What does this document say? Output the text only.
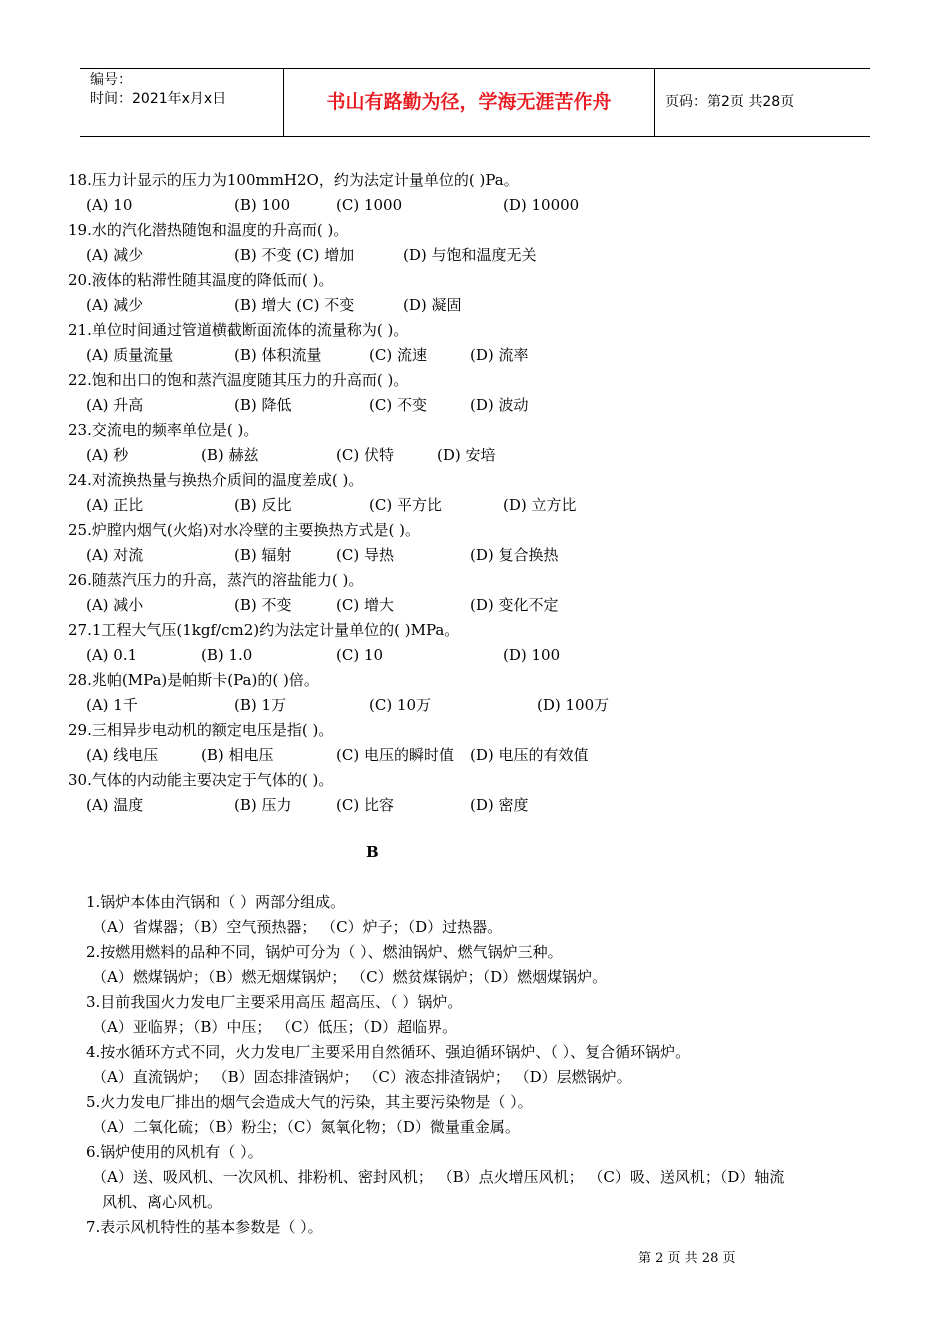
编号：
时间：2021年x月x日	书山有路勤为径，学海无涯苦作舟	页码：第2页 共28页
18.压力计显示的压力为100mmH2O，约为法定计量单位的( )Pa。
(A) 10	(B) 100	(C) 1000	(D) 10000
19.水的汽化潜热随饱和温度的升高而( )。
(A) 减少	(B) 不变 (C) 增加	(D) 与饱和温度无关
20.液体的粘滞性随其温度的降低而( )。
(A) 减少	(B) 增大 (C) 不变	(D) 凝固
21.单位时间通过管道横截断面流体的流量称为( )。
(A) 质量流量	(B) 体积流量	(C) 流速	(D) 流率
22.饱和出口的饱和蒸汽温度随其压力的升高而( )。
(A) 升高	(B) 降低	(C) 不变	(D) 波动
23.交流电的频率单位是( )。
(A) 秒	(B) 赫兹	(C) 伏特	(D) 安培
24.对流换热量与换热介质间的温度差成( )。
(A) 正比	(B) 反比	(C) 平方比	(D) 立方比
25.炉膛内烟气(火焰)对水冷壁的主要换热方式是( )。
(A) 对流	(B) 辐射	(C) 导热	(D) 复合换热
26.随蒸汽压力的升高，蒸汽的溶盐能力( )。
(A) 减小	(B) 不变	(C) 增大	(D) 变化不定
27.1工程大气压(1kgf/cm2)约为法定计量单位的( )MPa。
(A) 0.1	(B) 1.0	(C) 10	(D) 100
28.兆帕(MPa)是帕斯卡(Pa)的( )倍。
(A) 1千	(B) 1万	(C) 10万	(D) 100万
29.三相异步电动机的额定电压是指( )。
(A) 线电压	(B) 相电压	(C) 电压的瞬时值 (D) 电压的有效值
30.气体的内动能主要决定于气体的( )。
(A) 温度	(B) 压力	(C) 比容	(D) 密度
B
1.锅炉本体由汽锅和（ ）两部分组成。
（A）省煤器；（B）空气预热器； （C）炉子；（D）过热器。
2.按燃用燃料的品种不同，锅炉可分为（ ）、燃油锅炉、燃气锅炉三种。
（A）燃煤锅炉；（B）燃无烟煤锅炉； （C）燃贫煤锅炉；（D）燃烟煤锅炉。
3.目前我国火力发电厂主要采用高压 超高压、（ ）锅炉。
（A）亚临界；（B）中压； （C）低压；（D）超临界。
4.按水循环方式不同，火力发电厂主要采用自然循环、强迫循环锅炉、（ ）、复合循环锅炉。
（A）直流锅炉； （B）固态排渣锅炉； （C）液态排渣锅炉； （D）层燃锅炉。
5.火力发电厂排出的烟气会造成大气的污染，其主要污染物是（ ）。
（A）二氧化硫；（B）粉尘；（C）氮氧化物；（D）微量重金属。
6.锅炉使用的风机有（ ）。
（A）送、吸风机、一次风机、排粉机、密封风机； （B）点火增压风机； （C）吸、送风机；（D）轴流
风机、离心风机。
7.表示风机特性的基本参数是（ ）。
第 2 页 共 28 页
